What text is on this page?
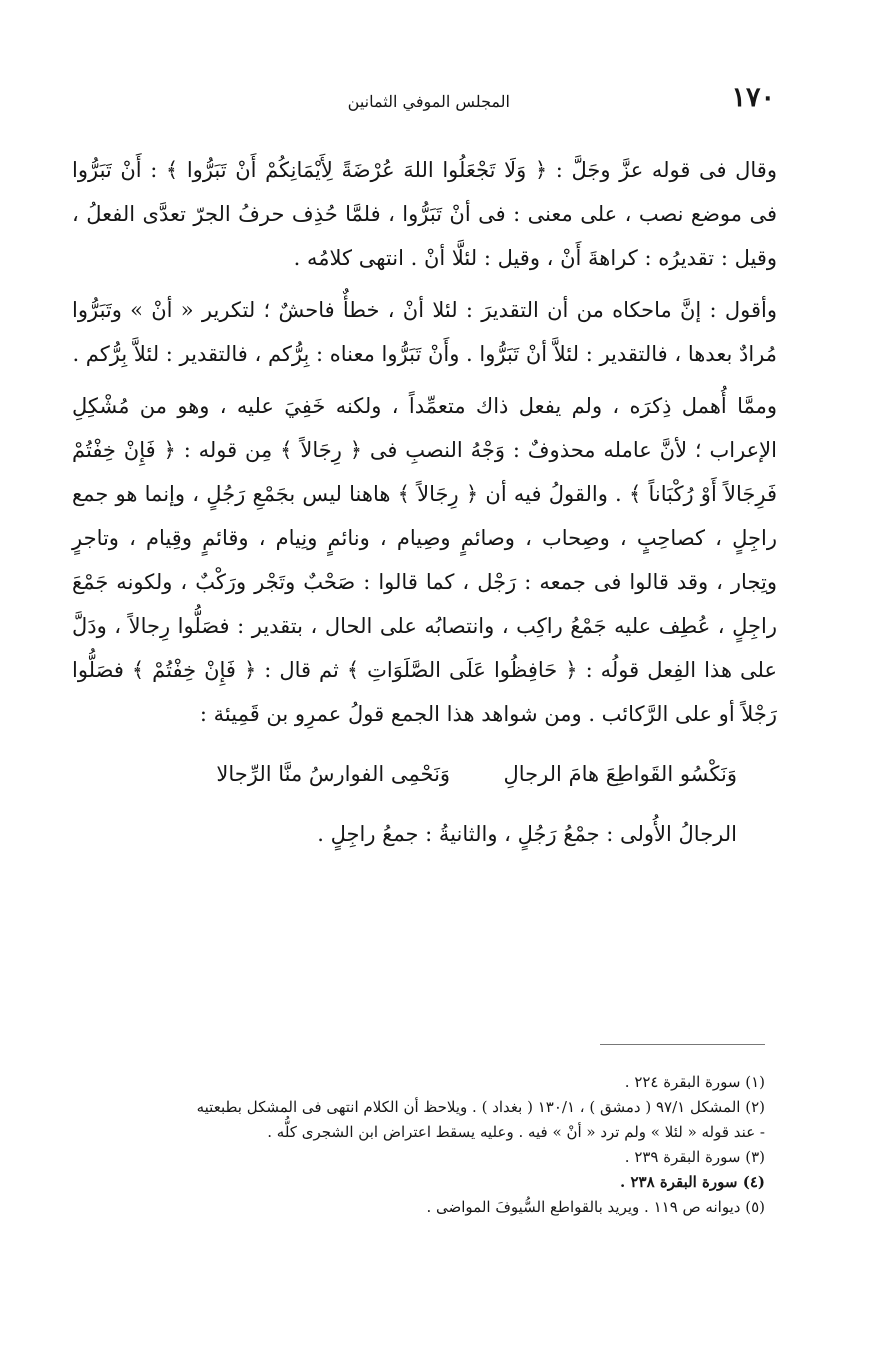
١٧٠
المجلس الموفي الثمانين

وقال فى قوله عزَّ وجَلَّ : ﴿ وَلَا تَجْعَلُوا اللهَ عُرْضَةً لِأَيْمَانِكُمْ أَنْ تَبَرُّوا ﴾ : أَنْ تَبَرُّوا فى موضع نصب ، على معنى : فى أنْ تَبَرُّوا ، فلمَّا حُذِف حرفُ الجرّ تعدَّى الفعلُ ، وقيل : تقديرُه : كراهةَ أَنْ ، وقيل : لئلَّا أنْ . انتهى كلامُه .

وأقول : إنَّ ماحكاه من أن التقديرَ : لئلا أنْ ، خطأٌ فاحشٌ ؛ لتكرير « أنْ » وتَبَرُّوا مُرادٌ بعدها ، فالتقدير : لئلاَّ أنْ تَبَرُّوا . وأَنْ تَبَرُّوا معناه : بِرُّكم ، فالتقدير : لئلاَّ بِرُّكم .

وممَّا أُهمل ذِكرَه ، ولم يفعل ذاك متعمِّداً ، ولكنه خَفِيَ عليه ، وهو من مُشْكِلِ الإعراب ؛ لأنَّ عامله محذوفٌ : وَجْهُ النصبِ فى ﴿ رِجَالاً ﴾ مِن قوله : ﴿ فَإِنْ خِفْتُمْ فَرِجَالاً أَوْ رُكْبَاناً ﴾ . والقولُ فيه أن ﴿ رِجَالاً ﴾ هاهنا ليس بجَمْعِ رَجُلٍ ، وإنما هو جمع راجِلٍ ، كصاحِبٍ ، وصِحاب ، وصائمٍ وصِيام ، ونائمٍ ونِيام ، وقائمٍ وقِيام ، وتاجرٍ وتِجار ، وقد قالوا فى جمعه : رَجْل ، كما قالوا : صَحْبٌ وتَجْر ورَكْبٌ ، ولكونه جَمْعَ راجِلٍ ، عُطِف عليه جَمْعُ راكِب ، وانتصابُه على الحال ، بتقدير : فصَلُّوا رِجالاً ، ودَلَّ على هذا الفِعل قولُه : ﴿ حَافِظُوا عَلَى الصَّلَوَاتِ ﴾ ثم قال : ﴿ فَإِنْ خِفْتُمْ ﴾ فصَلُّوا رَجْلاً أو على الرَّكائب . ومن شواهد هذا الجمع قولُ عمرِو بن قَمِيئة :

وَنَكْسُو القَواطِعَ هامَ الرجالِ  وَنَحْمِى الفوارسُ منَّا الرِّجالا
الرجالُ الأُولى : جمْعُ رَجُلٍ ، والثانيةُ : جمعُ راجِلٍ .
(١) سورة البقرة ٢٢٤ .
(٢) المشكل ٩٧/١ ( دمشق ) ، ١٣٠/١ ( بغداد ) . ويلاحظ أن الكلام انتهى فى المشكل بطبعتيه
- عند قوله « لئلا » ولم ترد « أنْ » فيه . وعليه يسقط اعتراض ابن الشجرى كلُّه .
(٣) سورة البقرة ٢٣٩ .
(٤) سورة البقرة ٢٣٨ .
(٥) ديوانه ص ١١٩ . ويريد بالقواطع السُّيوفَ المواضى .
